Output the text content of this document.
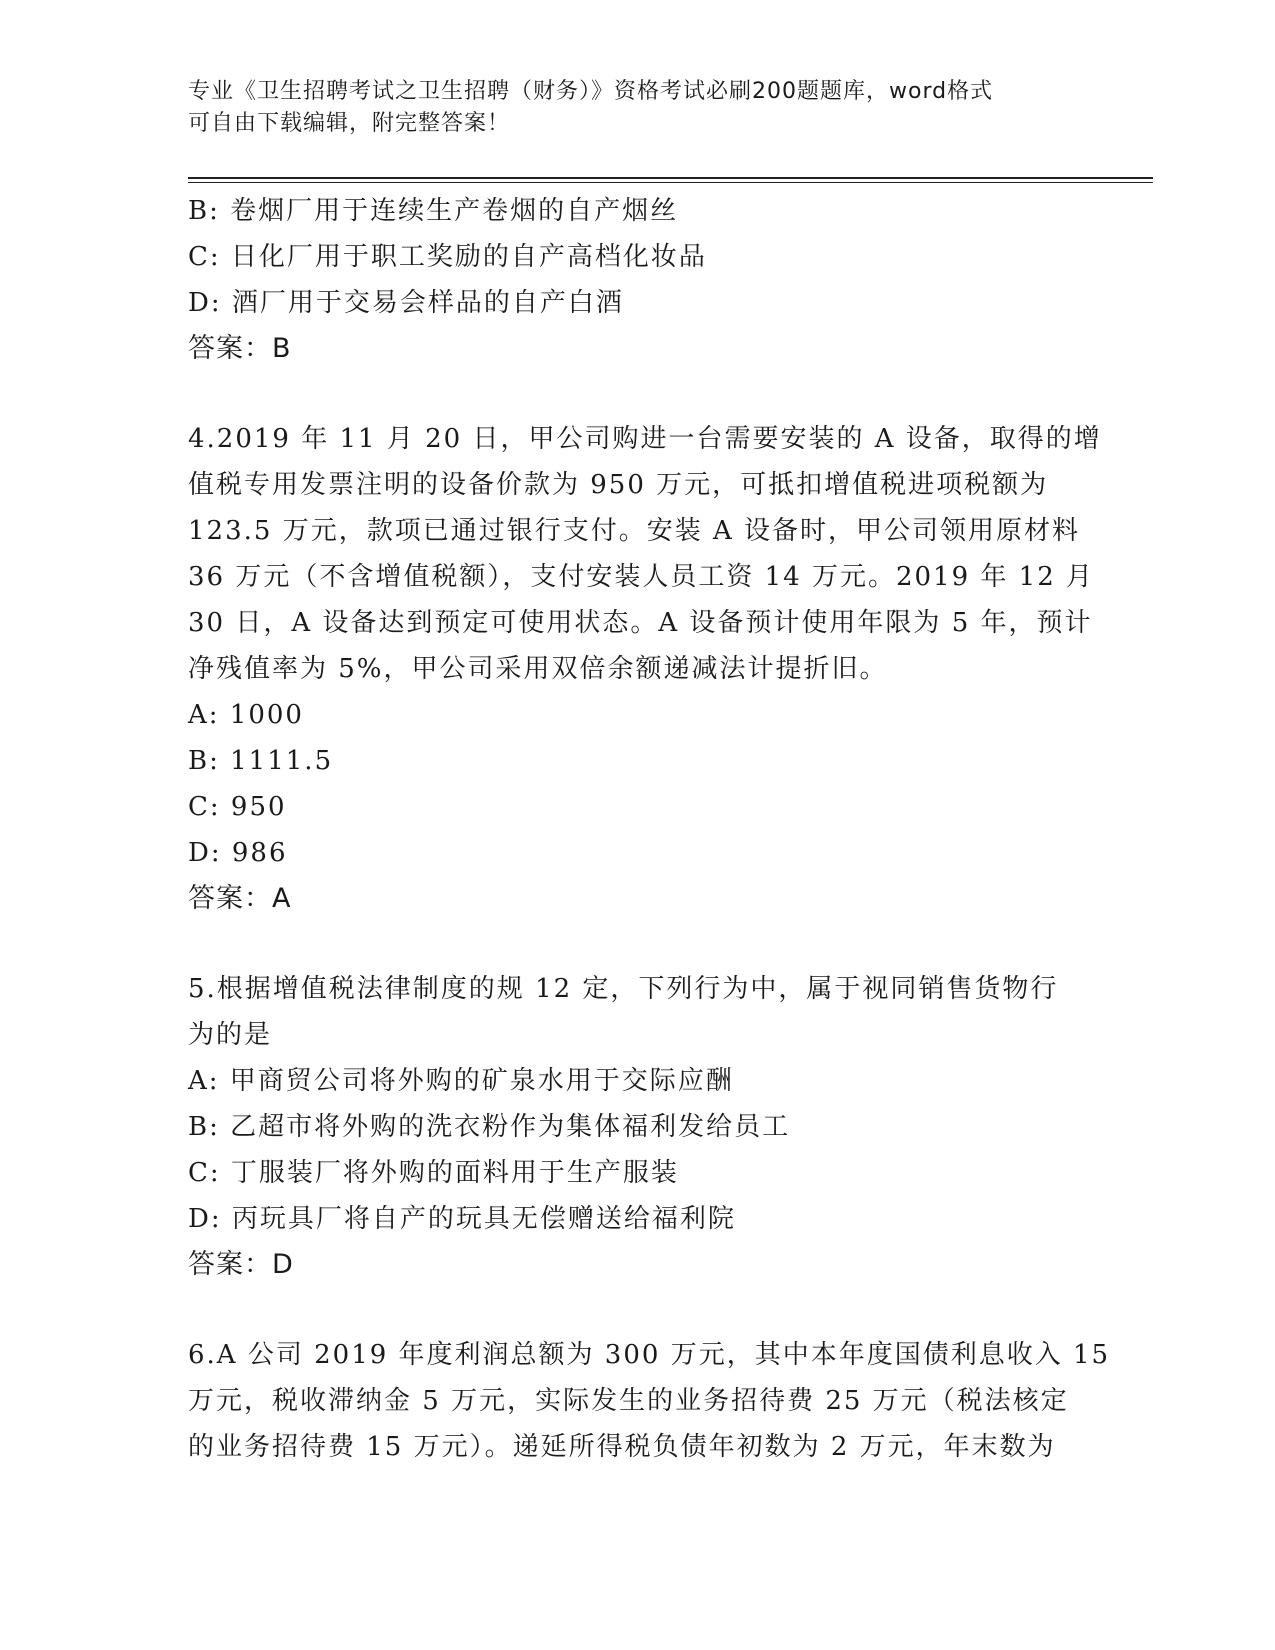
专业《卫生招聘考试之卫生招聘（财务）》资格考试必刷200题题库，word格式
可自由下载编辑，附完整答案！
B: 卷烟厂用于连续生产卷烟的自产烟丝
C: 日化厂用于职工奖励的自产高档化妆品
D: 酒厂用于交易会样品的自产白酒
答案：B
4.2019 年 11 月 20 日，甲公司购进一台需要安装的 A 设备，取得的增
值税专用发票注明的设备价款为 950 万元，可抵扣增值税进项税额为
123.5 万元，款项已通过银行支付。安装 A 设备时，甲公司领用原材料
36 万元（不含增值税额），支付安装人员工资 14 万元。2019 年 12 月
30 日，A 设备达到预定可使用状态。A 设备预计使用年限为 5 年，预计
净残值率为 5%，甲公司采用双倍余额递减法计提折旧。
A: 1000
B: 1111.5
C: 950
D: 986
答案：A
5.根据增值税法律制度的规 12 定，下列行为中，属于视同销售货物行
为的是
A: 甲商贸公司将外购的矿泉水用于交际应酬
B: 乙超市将外购的洗衣粉作为集体福利发给员工
C: 丁服装厂将外购的面料用于生产服装
D: 丙玩具厂将自产的玩具无偿赠送给福利院
答案：D
6.A 公司 2019 年度利润总额为 300 万元，其中本年度国债利息收入 15
万元，税收滞纳金 5 万元，实际发生的业务招待费 25 万元（税法核定
的业务招待费 15 万元）。递延所得税负债年初数为 2 万元，年末数为
